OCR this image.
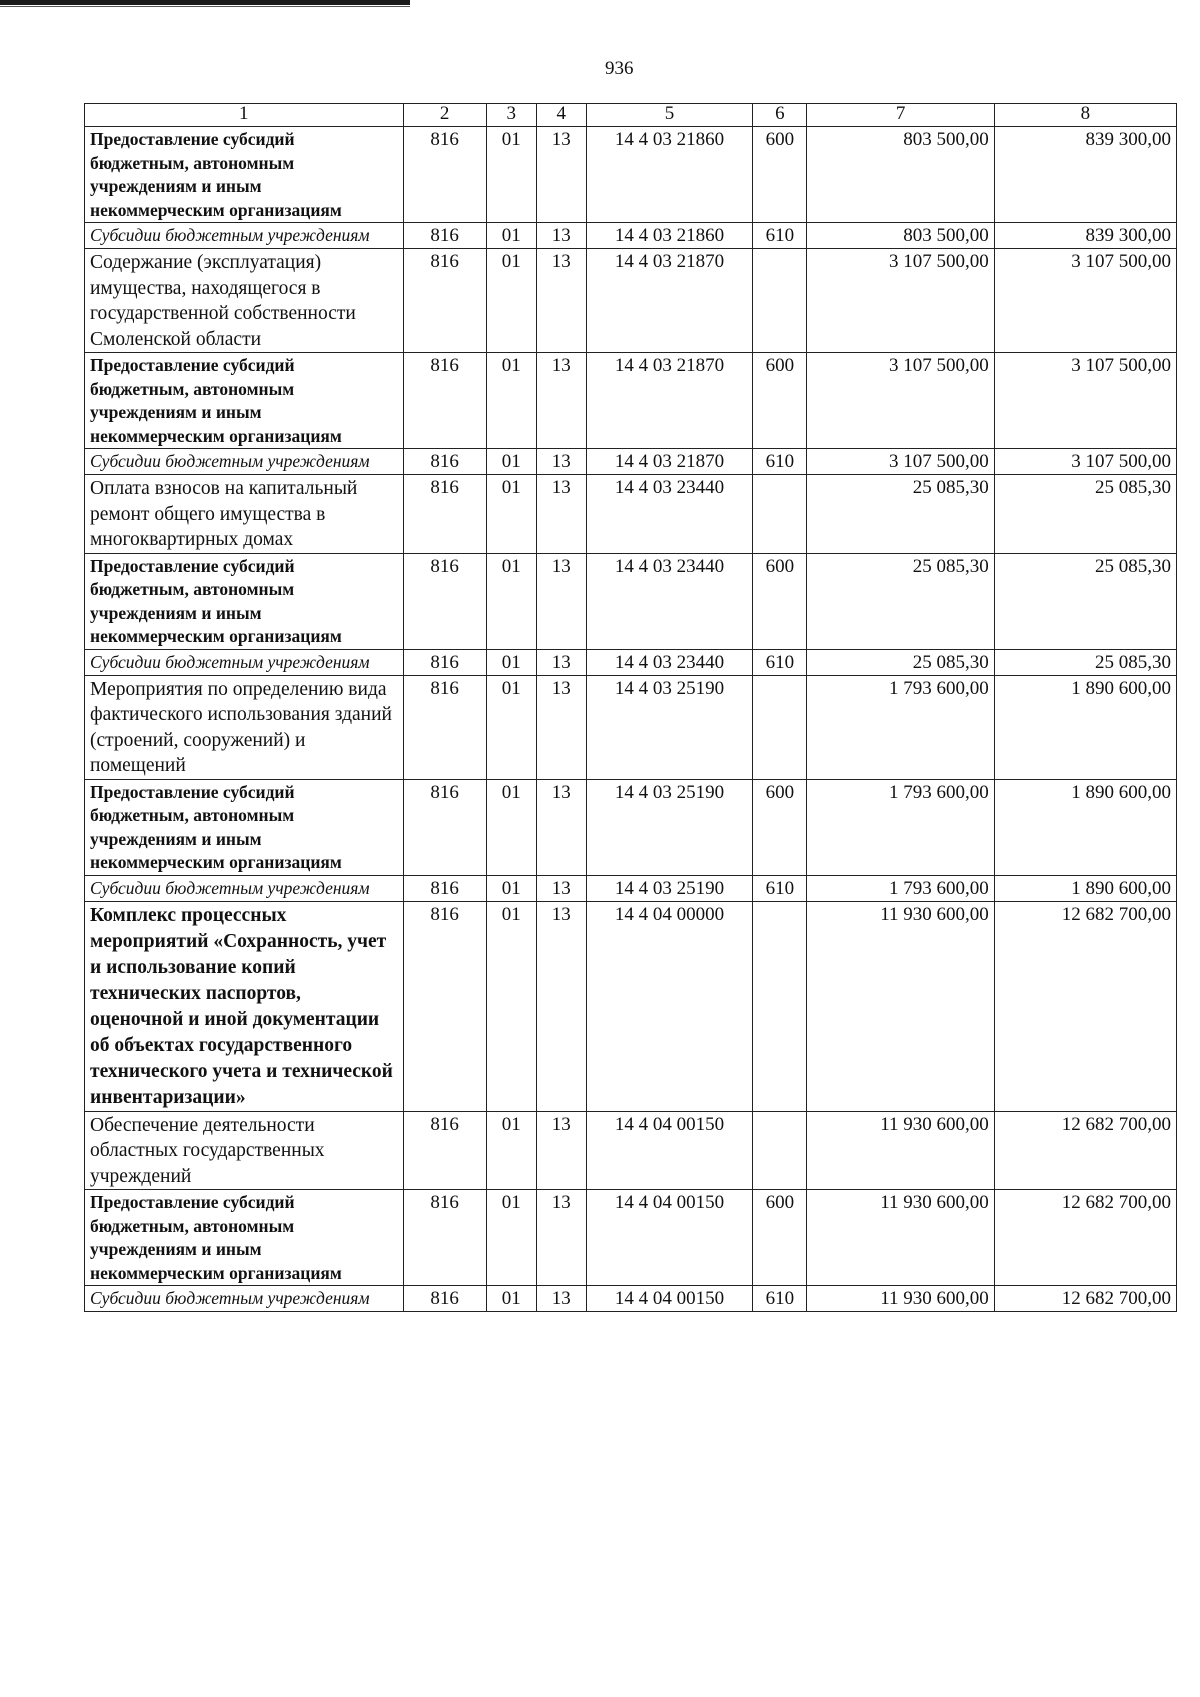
936
1	2	3	4	5	6	7	8
Предоставление субсидий бюджетным, автономным учреждениям и иным некоммерческим организациям	816	01	13	14 4 03 21860	600	803 500,00	839 300,00
Субсидии бюджетным учреждениям	816	01	13	14 4 03 21860	610	803 500,00	839 300,00
Содержание (эксплуатация) имущества, находящегося в государственной собственности Смоленской области	816	01	13	14 4 03 21870		3 107 500,00	3 107 500,00
Предоставление субсидий бюджетным, автономным учреждениям и иным некоммерческим организациям	816	01	13	14 4 03 21870	600	3 107 500,00	3 107 500,00
Субсидии бюджетным учреждениям	816	01	13	14 4 03 21870	610	3 107 500,00	3 107 500,00
Оплата взносов на капитальный ремонт общего имущества в многоквартирных домах	816	01	13	14 4 03 23440		25 085,30	25 085,30
Предоставление субсидий бюджетным, автономным учреждениям и иным некоммерческим организациям	816	01	13	14 4 03 23440	600	25 085,30	25 085,30
Субсидии бюджетным учреждениям	816	01	13	14 4 03 23440	610	25 085,30	25 085,30
Мероприятия по определению вида фактического использования зданий (строений, сооружений) и помещений	816	01	13	14 4 03 25190		1 793 600,00	1 890 600,00
Предоставление субсидий бюджетным, автономным учреждениям и иным некоммерческим организациям	816	01	13	14 4 03 25190	600	1 793 600,00	1 890 600,00
Субсидии бюджетным учреждениям	816	01	13	14 4 03 25190	610	1 793 600,00	1 890 600,00
Комплекс процессных мероприятий «Сохранность, учет и использование копий технических паспортов, оценочной и иной документации об объектах государственного технического учета и технической инвентаризации»	816	01	13	14 4 04 00000		11 930 600,00	12 682 700,00
Обеспечение деятельности областных государственных учреждений	816	01	13	14 4 04 00150		11 930 600,00	12 682 700,00
Предоставление субсидий бюджетным, автономным учреждениям и иным некоммерческим организациям	816	01	13	14 4 04 00150	600	11 930 600,00	12 682 700,00
Субсидии бюджетным учреждениям	816	01	13	14 4 04 00150	610	11 930 600,00	12 682 700,00
